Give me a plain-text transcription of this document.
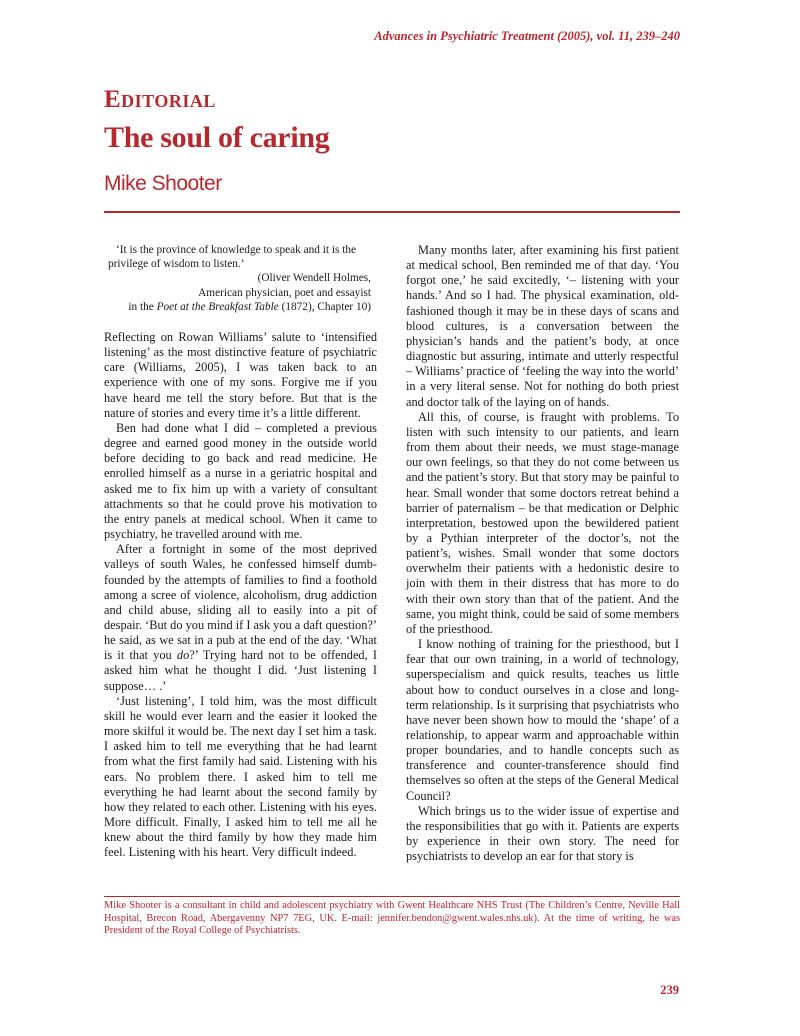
Advances in Psychiatric Treatment (2005), vol. 11, 239–240
Editorial
The soul of caring
Mike Shooter
‘It is the province of knowledge to speak and it is the privilege of wisdom to listen.’
(Oliver Wendell Holmes,
American physician, poet and essayist
in the Poet at the Breakfast Table (1872), Chapter 10)

Reflecting on Rowan Williams’ salute to ‘intensified listening’ as the most distinctive feature of psychiatric care (Williams, 2005), I was taken back to an experience with one of my sons. Forgive me if you have heard me tell the story before. But that is the nature of stories and every time it’s a little different.

Ben had done what I did – completed a previous degree and earned good money in the outside world before deciding to go back and read medicine. He enrolled himself as a nurse in a geriatric hospital and asked me to fix him up with a variety of consultant attachments so that he could prove his motivation to the entry panels at medical school. When it came to psychiatry, he travelled around with me.

After a fortnight in some of the most deprived valleys of south Wales, he confessed himself dumb-founded by the attempts of families to find a foothold among a scree of violence, alcoholism, drug addiction and child abuse, sliding all to easily into a pit of despair. ‘But do you mind if I ask you a daft question?’ he said, as we sat in a pub at the end of the day. ‘What is it that you do?’ Trying hard not to be offended, I asked him what he thought I did. ‘Just listening I suppose… .’

‘Just listening’, I told him, was the most difficult skill he would ever learn and the easier it looked the more skilful it would be. The next day I set him a task. I asked him to tell me everything that he had learnt from what the first family had said. Listening with his ears. No problem there. I asked him to tell me everything he had learnt about the second family by how they related to each other. Listening with his eyes. More difficult. Finally, I asked him to tell me all he knew about the third family by how they made him feel. Listening with his heart. Very difficult indeed.

Many months later, after examining his first patient at medical school, Ben reminded me of that day. ‘You forgot one,’ he said excitedly, ‘– listening with your hands.’ And so I had. The physical examination, old-fashioned though it may be in these days of scans and blood cultures, is a conversation between the physician’s hands and the patient’s body, at once diagnostic but assuring, intimate and utterly respectful – Williams’ practice of ‘feeling the way into the world’ in a very literal sense. Not for nothing do both priest and doctor talk of the laying on of hands.

All this, of course, is fraught with problems. To listen with such intensity to our patients, and learn from them about their needs, we must stage-manage our own feelings, so that they do not come between us and the patient’s story. But that story may be painful to hear. Small wonder that some doctors retreat behind a barrier of paternalism – be that medication or Delphic interpretation, bestowed upon the bewildered patient by a Pythian interpreter of the doctor’s, not the patient’s, wishes. Small wonder that some doctors overwhelm their patients with a hedonistic desire to join with them in their distress that has more to do with their own story than that of the patient. And the same, you might think, could be said of some members of the priesthood.

I know nothing of training for the priesthood, but I fear that our own training, in a world of technology, superspecialism and quick results, teaches us little about how to conduct ourselves in a close and long-term relationship. Is it surprising that psychiatrists who have never been shown how to mould the ‘shape’ of a relationship, to appear warm and approachable within proper boundaries, and to handle concepts such as transference and counter-transference should find themselves so often at the steps of the General Medical Council?

Which brings us to the wider issue of expertise and the responsibilities that go with it. Patients are experts by experience in their own story. The need for psychiatrists to develop an ear for that story is

Mike Shooter is a consultant in child and adolescent psychiatry with Gwent Healthcare NHS Trust (The Children’s Centre, Neville Hall Hospital, Brecon Road, Abergavenny NP7 7EG, UK. E-mail: jennifer.bendon@gwent.wales.nhs.uk). At the time of writing, he was President of the Royal College of Psychiatrists.
239
